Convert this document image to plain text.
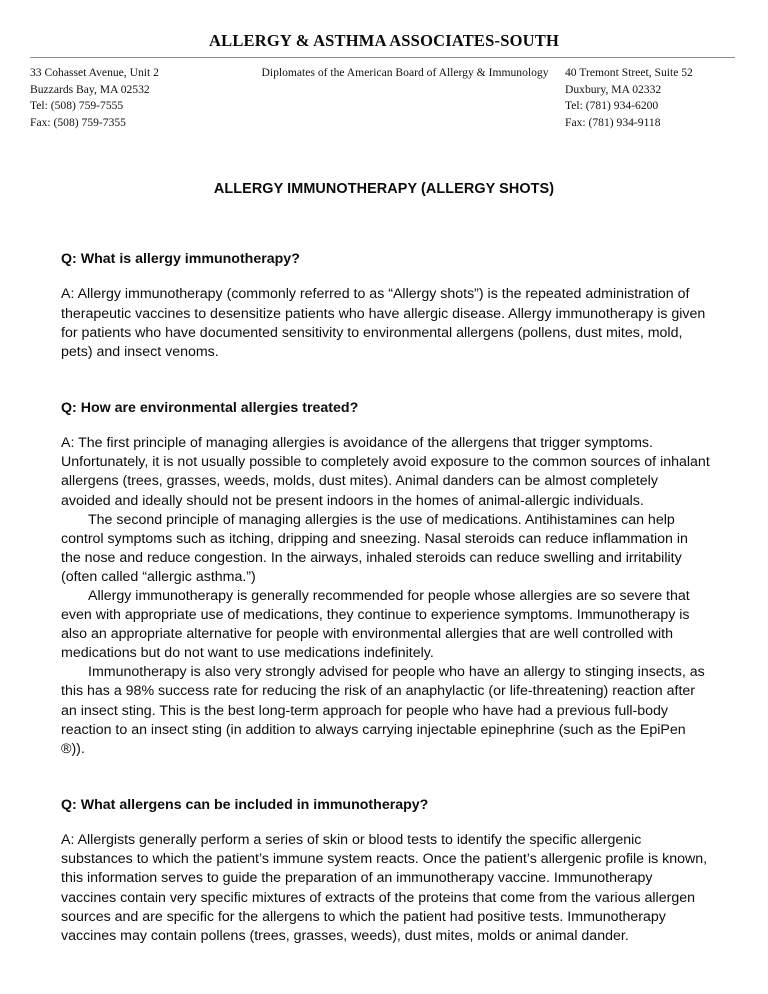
ALLERGY & ASTHMA ASSOCIATES-SOUTH
33 Cohasset Avenue, Unit 2
Buzzards Bay, MA 02532
Tel: (508) 759-7555
Fax: (508) 759-7355
Diplomates of the American Board of Allergy & Immunology	40 Tremont Street, Suite 52
Duxbury, MA 02332
Tel: (781) 934-6200
Fax: (781) 934-9118
ALLERGY IMMUNOTHERAPY (ALLERGY SHOTS)
Q: What is allergy immunotherapy?

A: Allergy immunotherapy (commonly referred to as “Allergy shots”) is the repeated administration of therapeutic vaccines to desensitize patients who have allergic disease. Allergy immunotherapy is given for patients who have documented sensitivity to environmental allergens (pollens, dust mites, mold, pets) and insect venoms.

Q: How are environmental allergies treated?

A: The first principle of managing allergies is avoidance of the allergens that trigger symptoms. Unfortunately, it is not usually possible to completely avoid exposure to the common sources of inhalant allergens (trees, grasses, weeds, molds, dust mites). Animal danders can be almost completely avoided and ideally should not be present indoors in the homes of animal-allergic individuals.

The second principle of managing allergies is the use of medications. Antihistamines can help control symptoms such as itching, dripping and sneezing. Nasal steroids can reduce inflammation in the nose and reduce congestion. In the airways, inhaled steroids can reduce swelling and irritability (often called “allergic asthma.”)

Allergy immunotherapy is generally recommended for people whose allergies are so severe that even with appropriate use of medications, they continue to experience symptoms. Immunotherapy is also an appropriate alternative for people with environmental allergies that are well controlled with medications but do not want to use medications indefinitely.

Immunotherapy is also very strongly advised for people who have an allergy to stinging insects, as this has a 98% success rate for reducing the risk of an anaphylactic (or life-threatening) reaction after an insect sting. This is the best long-term approach for people who have had a previous full-body reaction to an insect sting (in addition to always carrying injectable epinephrine (such as the EpiPen ®)).

Q: What allergens can be included in immunotherapy?

A: Allergists generally perform a series of skin or blood tests to identify the specific allergenic substances to which the patient’s immune system reacts. Once the patient’s allergenic profile is known, this information serves to guide the preparation of an immunotherapy vaccine. Immunotherapy vaccines contain very specific mixtures of extracts of the proteins that come from the various allergen sources and are specific for the allergens to which the patient had positive tests. Immunotherapy vaccines may contain pollens (trees, grasses, weeds), dust mites, molds or animal dander.
